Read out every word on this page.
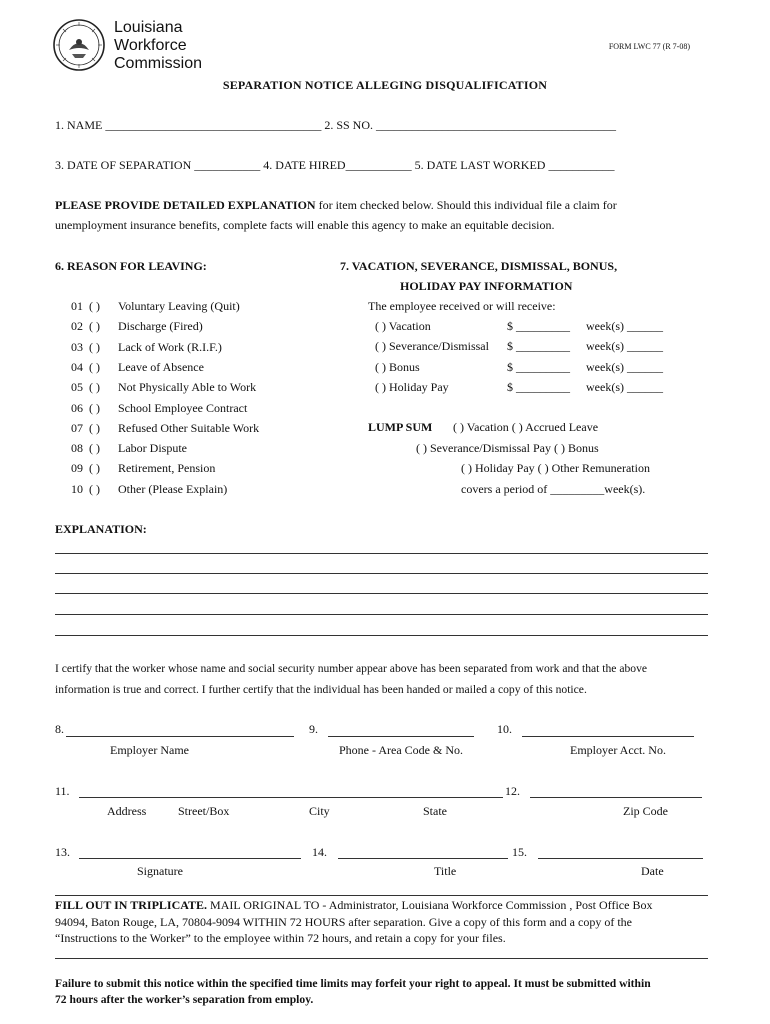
Louisiana
Workforce
Commission
FORM LWC 77 (R 7-08)
SEPARATION NOTICE ALLEGING DISQUALIFICATION
1. NAME ____________________________________ 2. SS NO. ________________________________________
3. DATE OF SEPARATION ___________ 4. DATE HIRED___________ 5. DATE LAST WORKED ___________
PLEASE PROVIDE DETAILED EXPLANATION for item checked below. Should this individual file a claim for
unemployment insurance benefits, complete facts will enable this agency to make an equitable decision.
6. REASON FOR LEAVING:
01 ( ) Voluntary Leaving (Quit)
02 ( ) Discharge (Fired)
03 ( ) Lack of Work (R.I.F.)
04 ( ) Leave of Absence
05 ( ) Not Physically Able to Work
06 ( ) School Employee Contract
07 ( ) Refused Other Suitable Work
08 ( ) Labor Dispute
09 ( ) Retirement, Pension
10 ( ) Other (Please Explain)
7. VACATION, SEVERANCE, DISMISSAL, BONUS,
HOLIDAY PAY INFORMATION
The employee received or will receive:
( ) Vacation	$ _________ week(s) ______
( ) Severance/Dismissal $ _________ week(s) ______
( ) Bonus	$ _________ week(s) ______
( ) Holiday Pay	$ _________ week(s) ______
LUMP SUM ( ) Vacation ( ) Accrued Leave
( ) Severance/Dismissal Pay ( ) Bonus
( ) Holiday Pay ( ) Other Remuneration
covers a period of _________week(s).
EXPLANATION:
I certify that the worker whose name and social security number appear above has been separated from work and that the above
information is true and correct. I further certify that the individual has been handed or mailed a copy of this notice.
8.	9.	10.
Employer Name	Phone - Area Code & No.	Employer Acct. No.
11.	12.
Address	Street/Box	City	State	Zip Code
13.	14.	15.
Signature	Title	Date
FILL OUT IN TRIPLICATE. MAIL ORIGINAL TO - Administrator, Louisiana Workforce Commission , Post Office Box
94094, Baton Rouge, LA, 70804-9094 WITHIN 72 HOURS after separation. Give a copy of this form and a copy of the
“Instructions to the Worker” to the employee within 72 hours, and retain a copy for your files.
Failure to submit this notice within the specified time limits may forfeit your right to appeal. It must be submitted within
72 hours after the worker’s separation from employ.
